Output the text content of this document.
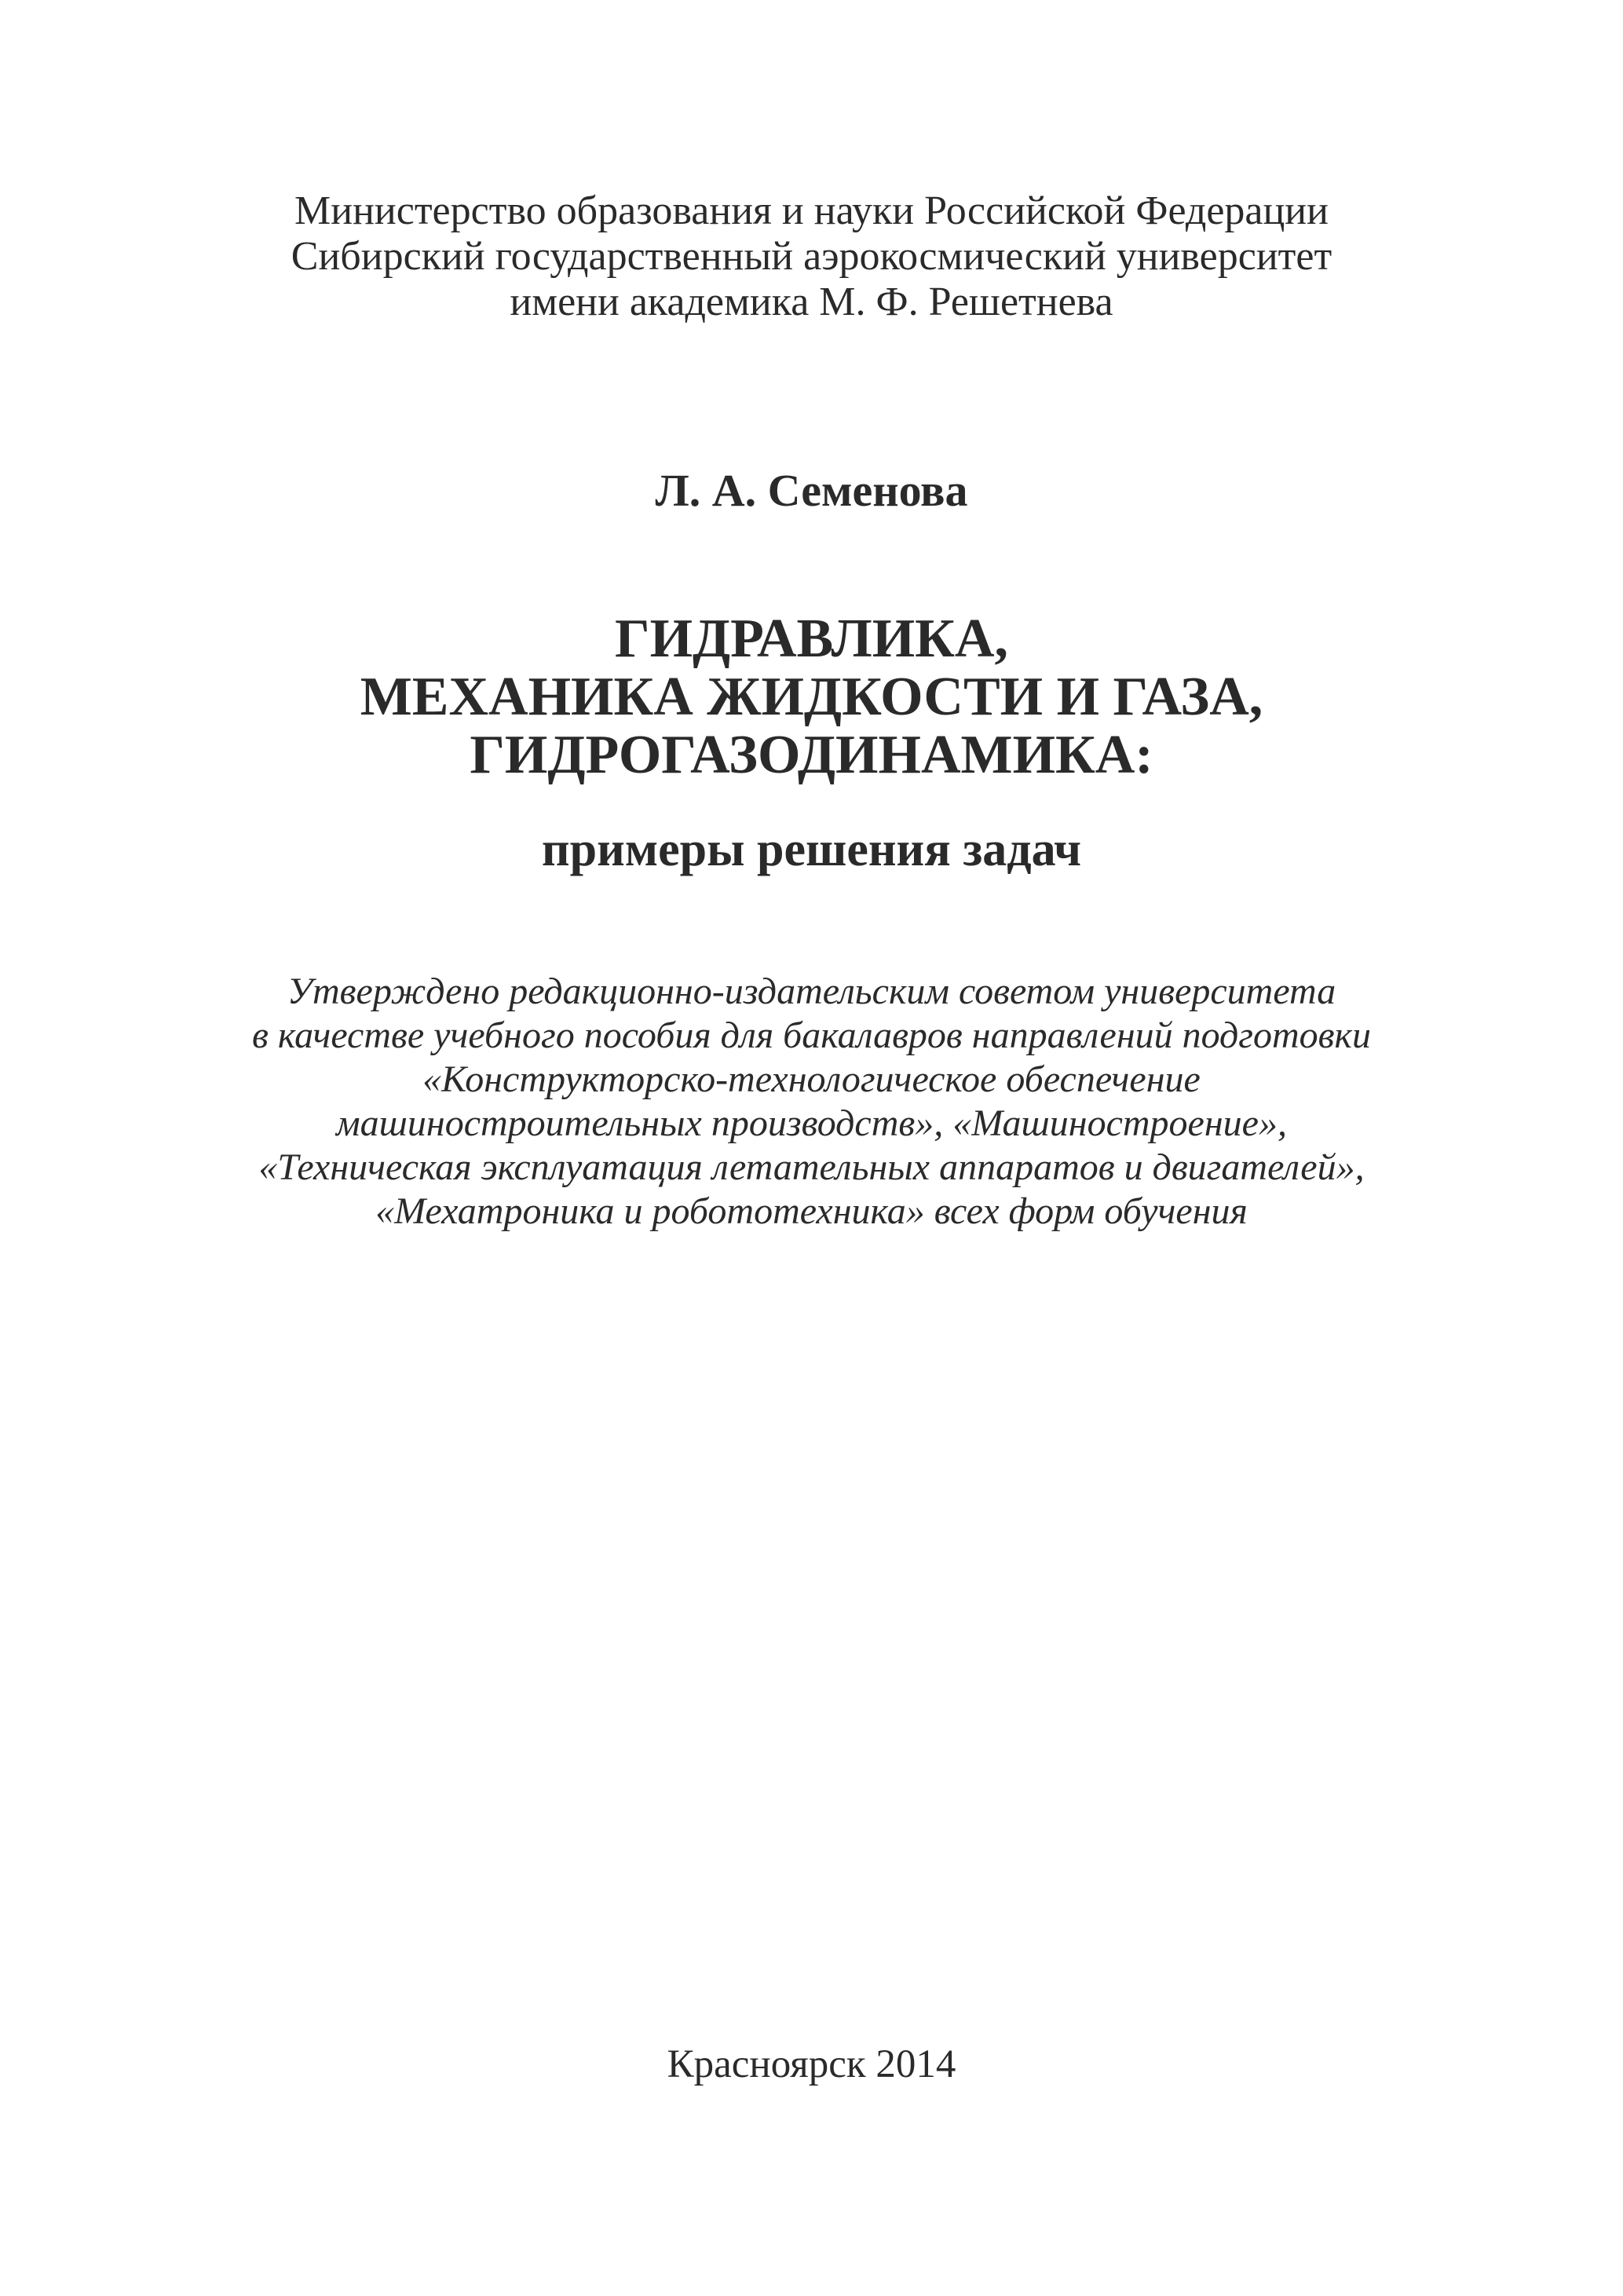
Министерство образования и науки Российской Федерации
Сибирский государственный аэрокосмический университет
имени академика М. Ф. Решетнева
Л. А. Семенова
ГИДРАВЛИКА,
МЕХАНИКА ЖИДКОСТИ И ГАЗА,
ГИДРОГАЗОДИНАМИКА:
примеры решения задач
Утверждено редакционно-издательским советом университета
в качестве учебного пособия для бакалавров направлений подготовки
«Конструкторско-технологическое обеспечение
машиностроительных производств», «Машиностроение»,
«Техническая эксплуатация летательных аппаратов и двигателей»,
«Мехатроника и робототехника» всех форм обучения
Красноярск 2014
